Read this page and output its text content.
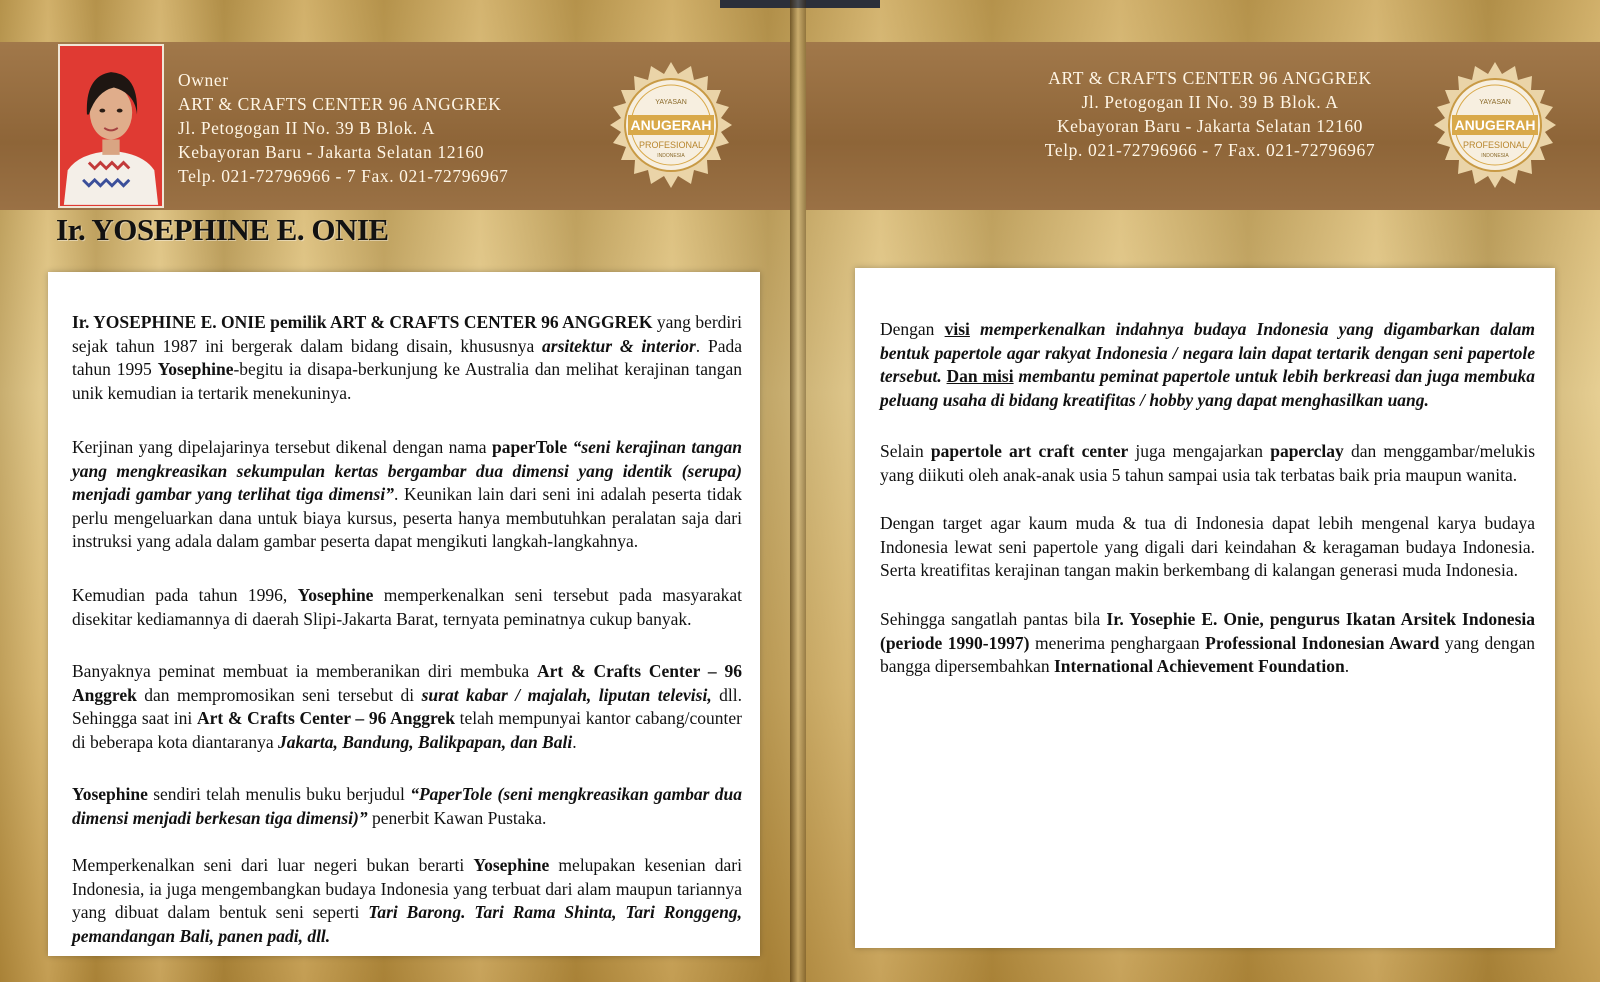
Owner
ART & CRAFTS CENTER 96 ANGGREK
Jl. Petogogan II No. 39 B Blok. A
Kebayoran Baru - Jakarta Selatan 12160
Telp. 021-72796966 - 7 Fax. 021-72796967
ART & CRAFTS CENTER 96 ANGGREK
Jl. Petogogan II No. 39 B Blok. A
Kebayoran Baru - Jakarta Selatan 12160
Telp. 021-72796966 - 7 Fax. 021-72796967
YAYASAN
ANUGERAH
PROFESIONAL
INDONESIA
YAYASAN
ANUGERAH
PROFESIONAL
INDONESIA
Ir. YOSEPHINE E. ONIE

Ir. YOSEPHINE E. ONIE pemilik ART & CRAFTS CENTER 96 ANGGREK yang berdiri sejak tahun 1987 ini bergerak dalam bidang disain, khususnya arsitektur & interior. Pada tahun 1995 Yosephine-begitu ia disapa-berkunjung ke Australia dan melihat kerajinan tangan unik kemudian ia tertarik menekuninya.

Kerjinan yang dipelajarinya tersebut dikenal dengan nama paperTole “seni kerajinan tangan yang mengkreasikan sekumpulan kertas bergambar dua dimensi yang identik (serupa) menjadi gambar yang terlihat tiga dimensi”. Keunikan lain dari seni ini adalah peserta tidak perlu mengeluarkan dana untuk biaya kursus, peserta hanya membutuhkan peralatan saja dari instruksi yang adala dalam gambar peserta dapat mengikuti langkah-langkahnya.

Kemudian pada tahun 1996, Yosephine memperkenalkan seni tersebut pada masyarakat disekitar kediamannya di daerah Slipi-Jakarta Barat, ternyata peminatnya cukup banyak.

Banyaknya peminat membuat ia memberanikan diri membuka Art & Crafts Center – 96 Anggrek dan mempromosikan seni tersebut di surat kabar / majalah, liputan televisi, dll. Sehingga saat ini Art & Crafts Center – 96 Anggrek telah mempunyai kantor cabang/counter di beberapa kota diantaranya Jakarta, Bandung, Balikpapan, dan Bali.

Yosephine sendiri telah menulis buku berjudul “PaperTole (seni mengkreasikan gambar dua dimensi menjadi berkesan tiga dimensi)” penerbit Kawan Pustaka.

Memperkenalkan seni dari luar negeri bukan berarti Yosephine melupakan kesenian dari Indonesia, ia juga mengembangkan budaya Indonesia yang terbuat dari alam maupun tariannya yang dibuat dalam bentuk seni seperti Tari Barong. Tari Rama Shinta, Tari Ronggeng, pemandangan Bali, panen padi, dll.

Dengan visi memperkenalkan indahnya budaya Indonesia yang digambarkan dalam bentuk papertole agar rakyat Indonesia / negara lain dapat tertarik dengan seni papertole tersebut. Dan misi membantu peminat papertole untuk lebih berkreasi dan juga membuka peluang usaha di bidang kreatifitas / hobby yang dapat menghasilkan uang.

Selain papertole art craft center juga mengajarkan paperclay dan menggambar/melukis yang diikuti oleh anak-anak usia 5 tahun sampai usia tak terbatas baik pria maupun wanita.

Dengan target agar kaum muda & tua di Indonesia dapat lebih mengenal karya budaya Indonesia lewat seni papertole yang digali dari keindahan & keragaman budaya Indonesia. Serta kreatifitas kerajinan tangan makin berkembang di kalangan generasi muda Indonesia.

Sehingga sangatlah pantas bila Ir. Yosephie E. Onie, pengurus Ikatan Arsitek Indonesia (periode 1990-1997) menerima penghargaan Professional Indonesian Award yang dengan bangga dipersembahkan International Achievement Foundation.
